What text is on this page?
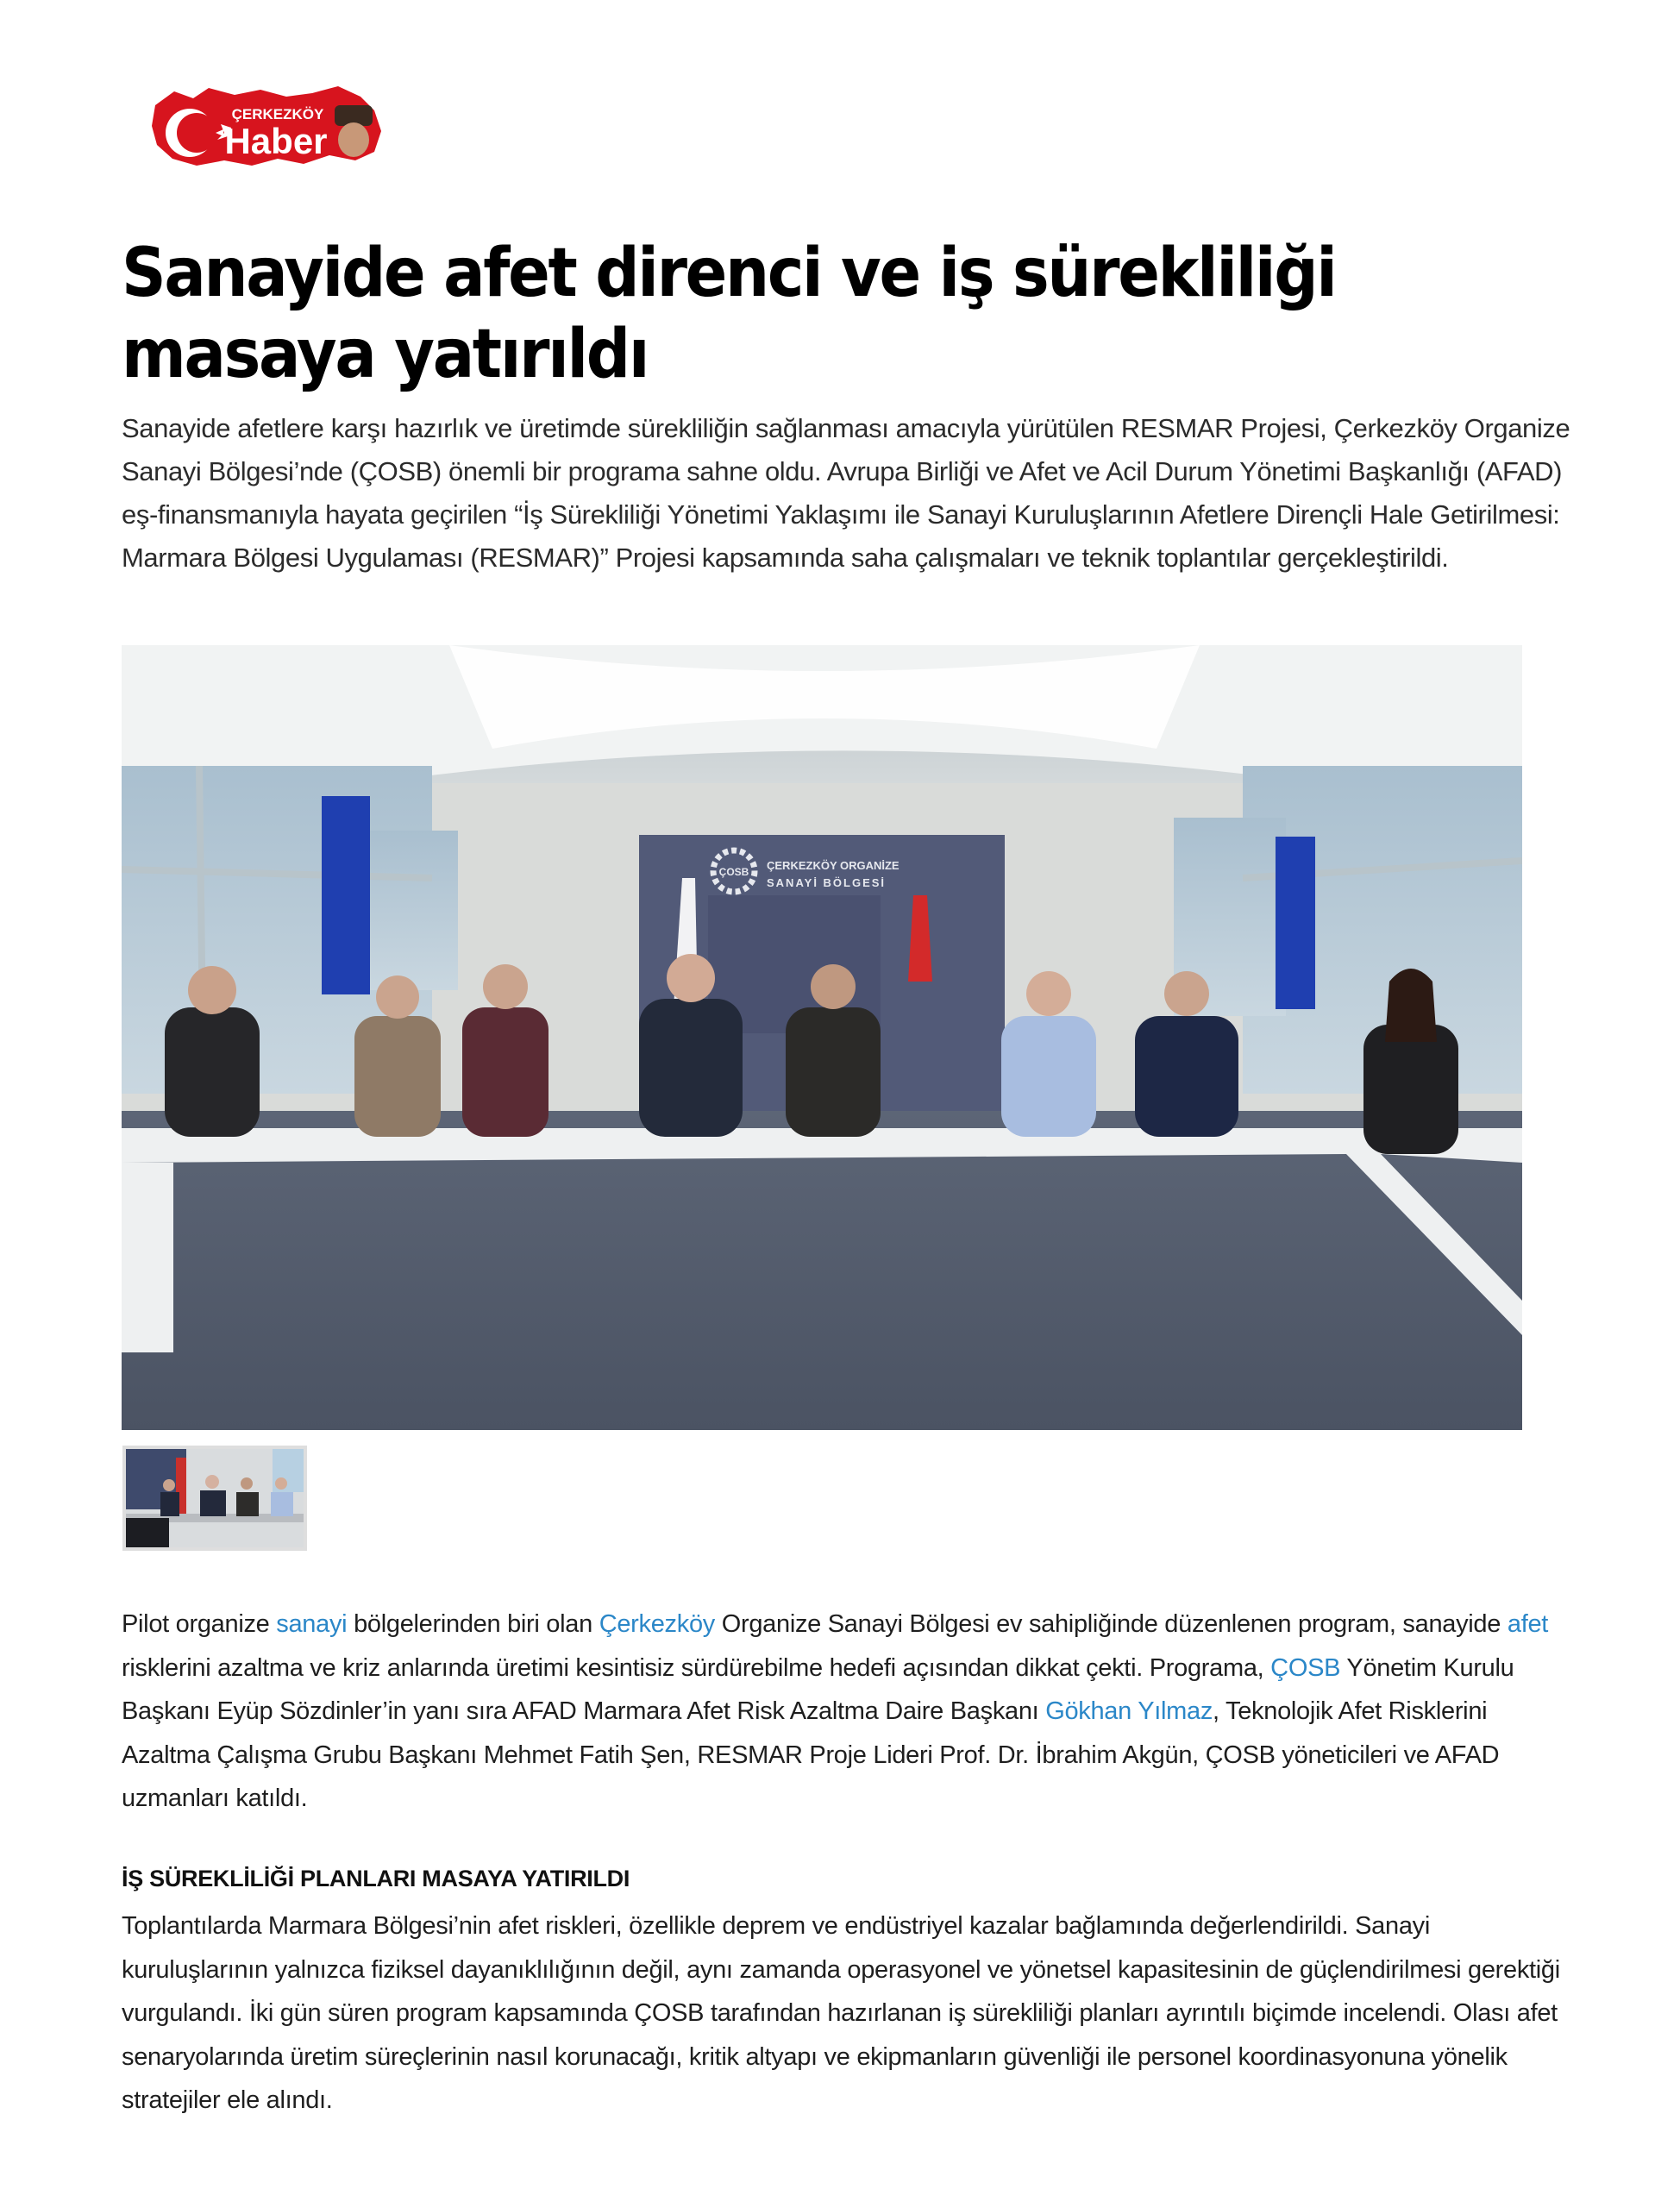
ÇERKEZKÖY
Haber
Sanayide afet direnci ve iş sürekliliği
masaya yatırıldı

Sanayide afetlere karşı hazırlık ve üretimde sürekliliğin sağlanması amacıyla yürütülen RESMAR Projesi, Çerkezköy Organize Sanayi Bölgesi’nde (ÇOSB) önemli bir programa sahne oldu. Avrupa Birliği ve Afet ve Acil Durum Yönetimi Başkanlığı (AFAD) eş-finansmanıyla hayata geçirilen “İş Sürekliliği Yönetimi Yaklaşımı ile Sanayi Kuruluşlarının Afetlere Dirençli Hale Getirilmesi: Marmara Bölgesi Uygulaması (RESMAR)” Projesi kapsamında saha çalışmaları ve teknik toplantılar gerçekleştirildi.

ÇOSB ÇERKEZKÖY ORGANİZE
SANAYİ BÖLGESİ

Pilot organize sanayi bölgelerinden biri olan Çerkezköy Organize Sanayi Bölgesi ev sahipliğinde düzenlenen program, sanayide afet risklerini azaltma ve kriz anlarında üretimi kesintisiz sürdürebilme hedefi açısından dikkat çekti. Programa, ÇOSB Yönetim Kurulu Başkanı Eyüp Sözdinler’in yanı sıra AFAD Marmara Afet Risk Azaltma Daire Başkanı Gökhan Yılmaz, Teknolojik Afet Risklerini Azaltma Çalışma Grubu Başkanı Mehmet Fatih Şen, RESMAR Proje Lideri Prof. Dr. İbrahim Akgün, ÇOSB yöneticileri ve AFAD uzmanları katıldı.

İŞ SÜREKLİLİĞİ PLANLARI MASAYA YATIRILDI

Toplantılarda Marmara Bölgesi’nin afet riskleri, özellikle deprem ve endüstriyel kazalar bağlamında değerlendirildi. Sanayi kuruluşlarının yalnızca fiziksel dayanıklılığının değil, aynı zamanda operasyonel ve yönetsel kapasitesinin de güçlendirilmesi gerektiği vurgulandı. İki gün süren program kapsamında ÇOSB tarafından hazırlanan iş sürekliliği planları ayrıntılı biçimde incelendi. Olası afet senaryolarında üretim süreçlerinin nasıl korunacağı, kritik altyapı ve ekipmanların güvenliği ile personel koordinasyonuna yönelik stratejiler ele alındı.
